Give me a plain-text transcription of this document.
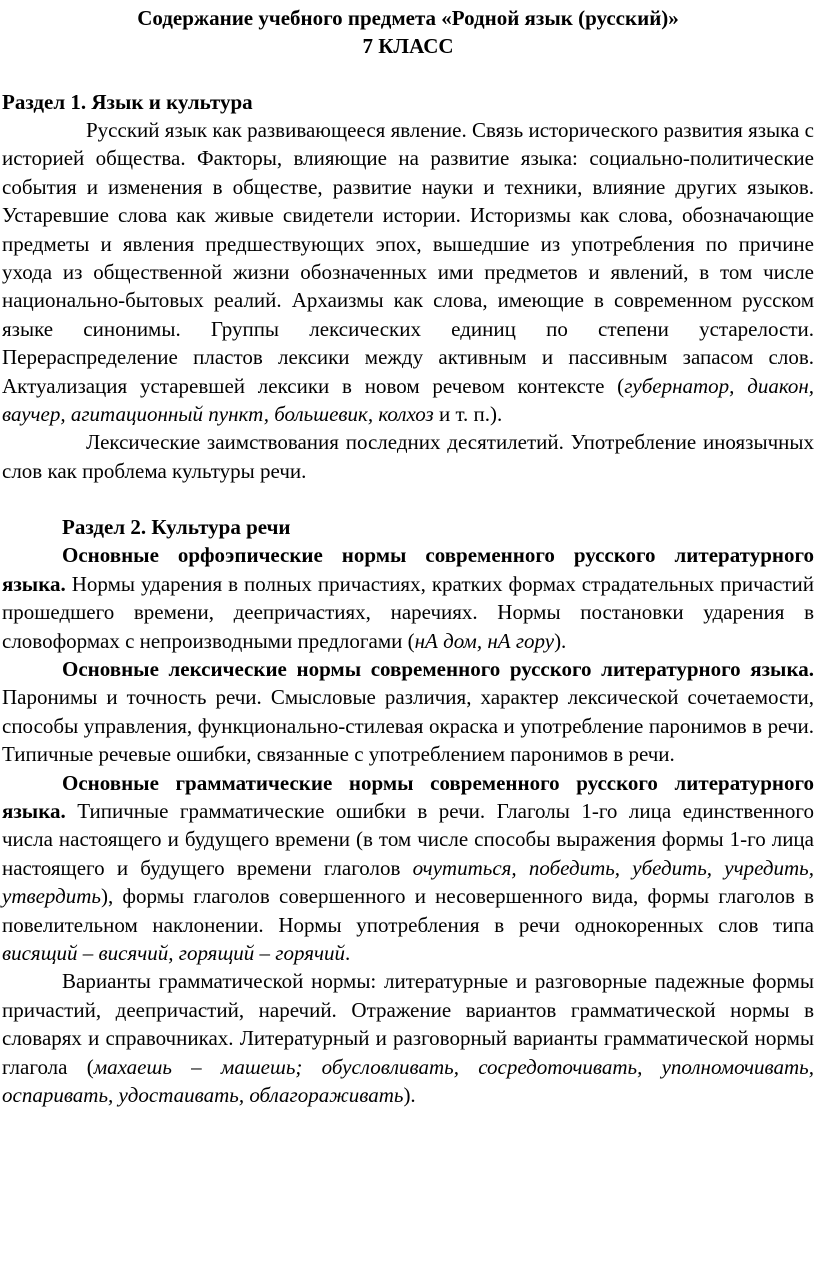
Содержание учебного предмета «Родной язык (русский)»
7 КЛАСС
Раздел 1. Язык и культура

Русский язык как развивающееся явление. Связь исторического развития языка с историей общества. Факторы, влияющие на развитие языка: социально-политические события и изменения в обществе, развитие науки и техники, влияние других языков. Устаревшие слова как живые свидетели истории. Историзмы как слова, обозначающие предметы и явления предшествующих эпох, вышедшие из употребления по причине ухода из общественной жизни обозначенных ими предметов и явлений, в том числе национально-бытовых реалий. Архаизмы как слова, имеющие в современном русском языке синонимы. Группы лексических единиц по степени устарелости. Перераспределение пластов лексики между активным и пассивным запасом слов. Актуализация устаревшей лексики в новом речевом контексте (губернатор, диакон, ваучер, агитационный пункт, большевик, колхоз и т. п.).

Лексические заимствования последних десятилетий. Употребление иноязычных слов как проблема культуры речи.

Раздел 2. Культура речи

Основные орфоэпические нормы современного русского литературного языка. Нормы ударения в полных причастиях, кратких формах страдательных причастий прошедшего времени, деепричастиях, наречиях. Нормы постановки ударения в словоформах с непроизводными предлогами (нА дом, нА гору).

Основные лексические нормы современного русского литературного языка. Паронимы и точность речи. Смысловые различия, характер лексической сочетаемости, способы управления, функционально-стилевая окраска и употребление паронимов в речи. Типичные речевые ошибки, связанные с употреблением паронимов в речи.

Основные грамматические нормы современного русского литературного языка. Типичные грамматические ошибки в речи. Глаголы 1-го лица единственного числа настоящего и будущего времени (в том числе способы выражения формы 1-го лица настоящего и будущего времени глаголов очутиться, победить, убедить, учредить, утвердить), формы глаголов совершенного и несовершенного вида, формы глаголов в повелительном наклонении. Нормы употребления в речи однокоренных слов типа висящий – висячий, горящий – горячий.

Варианты грамматической нормы: литературные и разговорные падежные формы причастий, деепричастий, наречий. Отражение вариантов грамматической нормы в словарях и справочниках. Литературный и разговорный варианты грамматической нормы глагола (махаешь – машешь; обусловливать, сосредоточивать, уполномочивать, оспаривать, удостаивать, облагораживать).
